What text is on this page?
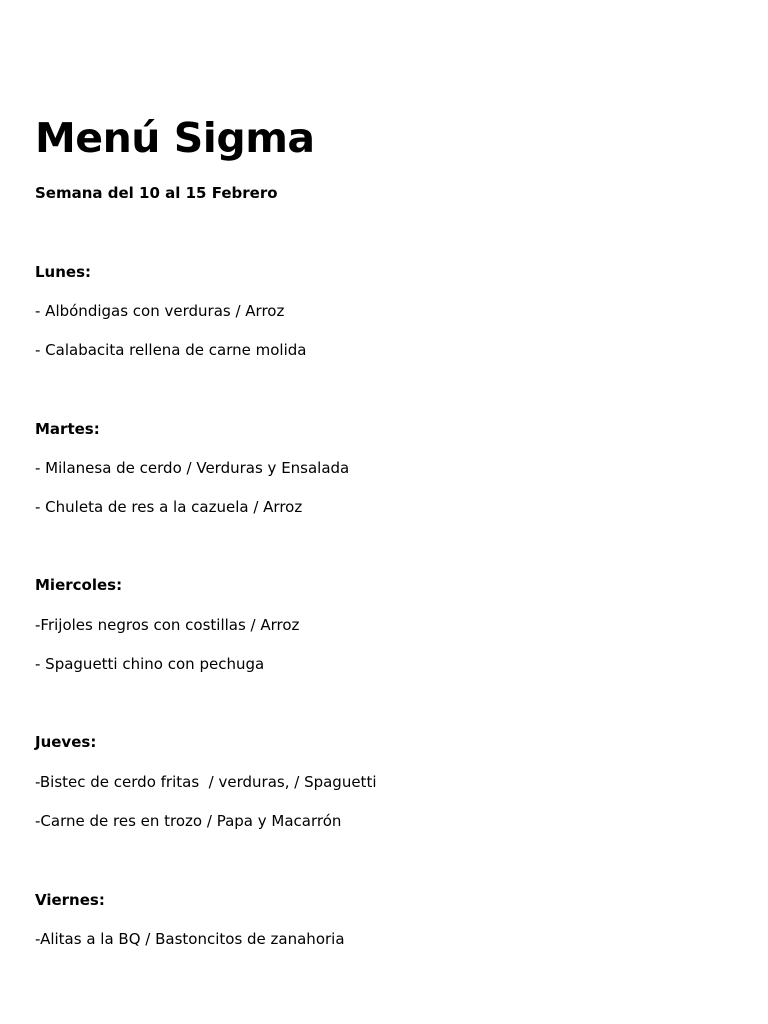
Menú Sigma

Semana del 10 al 15 Febrero

Lunes:

- Albóndigas con verduras / Arroz

- Calabacita rellena de carne molida

Martes:

- Milanesa de cerdo / Verduras y Ensalada

- Chuleta de res a la cazuela / Arroz

Miercoles:

-Frijoles negros con costillas / Arroz

- Spaguetti chino con pechuga

Jueves:

-Bistec de cerdo fritas  / verduras, / Spaguetti

-Carne de res en trozo / Papa y Macarrón

Viernes:

-Alitas a la BQ / Bastoncitos de zanahoria
